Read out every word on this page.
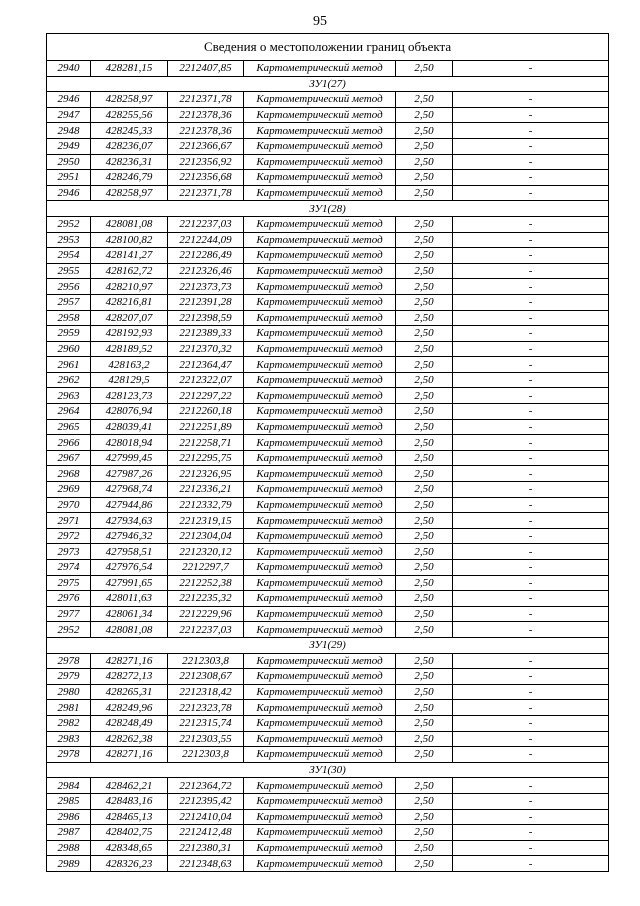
95
Сведения о местоположении границ объекта					
2940	428281,15	2212407,85	Картометрический метод	2,50	-
ЗУ1(27)					
2946	428258,97	2212371,78	Картометрический метод	2,50	-
2947	428255,56	2212378,36	Картометрический метод	2,50	-
2948	428245,33	2212378,36	Картометрический метод	2,50	-
2949	428236,07	2212366,67	Картометрический метод	2,50	-
2950	428236,31	2212356,92	Картометрический метод	2,50	-
2951	428246,79	2212356,68	Картометрический метод	2,50	-
2946	428258,97	2212371,78	Картометрический метод	2,50	-
ЗУ1(28)					
2952	428081,08	2212237,03	Картометрический метод	2,50	-
2953	428100,82	2212244,09	Картометрический метод	2,50	-
2954	428141,27	2212286,49	Картометрический метод	2,50	-
2955	428162,72	2212326,46	Картометрический метод	2,50	-
2956	428210,97	2212373,73	Картометрический метод	2,50	-
2957	428216,81	2212391,28	Картометрический метод	2,50	-
2958	428207,07	2212398,59	Картометрический метод	2,50	-
2959	428192,93	2212389,33	Картометрический метод	2,50	-
2960	428189,52	2212370,32	Картометрический метод	2,50	-
2961	428163,2	2212364,47	Картометрический метод	2,50	-
2962	428129,5	2212322,07	Картометрический метод	2,50	-
2963	428123,73	2212297,22	Картометрический метод	2,50	-
2964	428076,94	2212260,18	Картометрический метод	2,50	-
2965	428039,41	2212251,89	Картометрический метод	2,50	-
2966	428018,94	2212258,71	Картометрический метод	2,50	-
2967	427999,45	2212295,75	Картометрический метод	2,50	-
2968	427987,26	2212326,95	Картометрический метод	2,50	-
2969	427968,74	2212336,21	Картометрический метод	2,50	-
2970	427944,86	2212332,79	Картометрический метод	2,50	-
2971	427934,63	2212319,15	Картометрический метод	2,50	-
2972	427946,32	2212304,04	Картометрический метод	2,50	-
2973	427958,51	2212320,12	Картометрический метод	2,50	-
2974	427976,54	2212297,7	Картометрический метод	2,50	-
2975	427991,65	2212252,38	Картометрический метод	2,50	-
2976	428011,63	2212235,32	Картометрический метод	2,50	-
2977	428061,34	2212229,96	Картометрический метод	2,50	-
2952	428081,08	2212237,03	Картометрический метод	2,50	-
ЗУ1(29)					
2978	428271,16	2212303,8	Картометрический метод	2,50	-
2979	428272,13	2212308,67	Картометрический метод	2,50	-
2980	428265,31	2212318,42	Картометрический метод	2,50	-
2981	428249,96	2212323,78	Картометрический метод	2,50	-
2982	428248,49	2212315,74	Картометрический метод	2,50	-
2983	428262,38	2212303,55	Картометрический метод	2,50	-
2978	428271,16	2212303,8	Картометрический метод	2,50	-
ЗУ1(30)					
2984	428462,21	2212364,72	Картометрический метод	2,50	-
2985	428483,16	2212395,42	Картометрический метод	2,50	-
2986	428465,13	2212410,04	Картометрический метод	2,50	-
2987	428402,75	2212412,48	Картометрический метод	2,50	-
2988	428348,65	2212380,31	Картометрический метод	2,50	-
2989	428326,23	2212348,63	Картометрический метод	2,50	-
